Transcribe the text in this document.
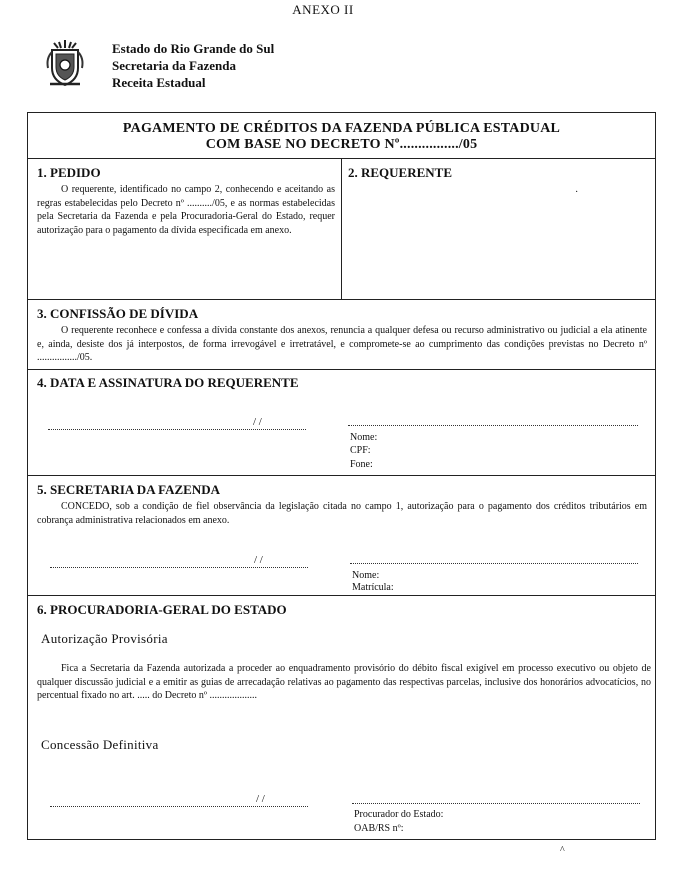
ANEXO II
Estado do Rio Grande do Sul
Secretaria da Fazenda
Receita Estadual
PAGAMENTO DE CRÉDITOS DA FAZENDA PÚBLICA ESTADUAL
COM BASE NO DECRETO Nº................/05
1. PEDIDO
O requerente, identificado no campo 2, conhecendo e aceitando as regras estabelecidas pelo Decreto nº ........../05, e as normas estabelecidas pela Secretaria da Fazenda e pela Procuradoria-Geral do Estado, requer autorização para o pagamento da dívida especificada em anexo.
2. REQUERENTE
·
3. CONFISSÃO DE DÍVIDA
O requerente reconhece e confessa a dívida constante dos anexos, renuncia a qualquer defesa ou recurso administrativo ou judicial a ela atinente e, ainda, desiste dos já interpostos, de forma irrevogável e irretratável, e compromete-se ao cumprimento das condições previstas no Decreto nº ................/05.
4. DATA E ASSINATURA DO REQUERENTE
/ /
Nome:
CPF:
Fone:
5. SECRETARIA DA FAZENDA
CONCEDO, sob a condição de fiel observância da legislação citada no campo 1, autorização para o pagamento dos créditos tributários em cobrança administrativa relacionados em anexo.
/ /
Nome:
Matrícula:
6. PROCURADORIA-GERAL DO ESTADO
Autorização Provisória
Fica a Secretaria da Fazenda autorizada a proceder ao enquadramento provisório do débito fiscal exigível em processo executivo ou objeto de qualquer discussão judicial e a emitir as guias de arrecadação relativas ao pagamento das respectivas parcelas, inclusive dos honorários advocatícios, no percentual fixado no art. ..... do Decreto nº ...................
Concessão Definitiva
/ /
Procurador do Estado:
OAB/RS nº:
^
